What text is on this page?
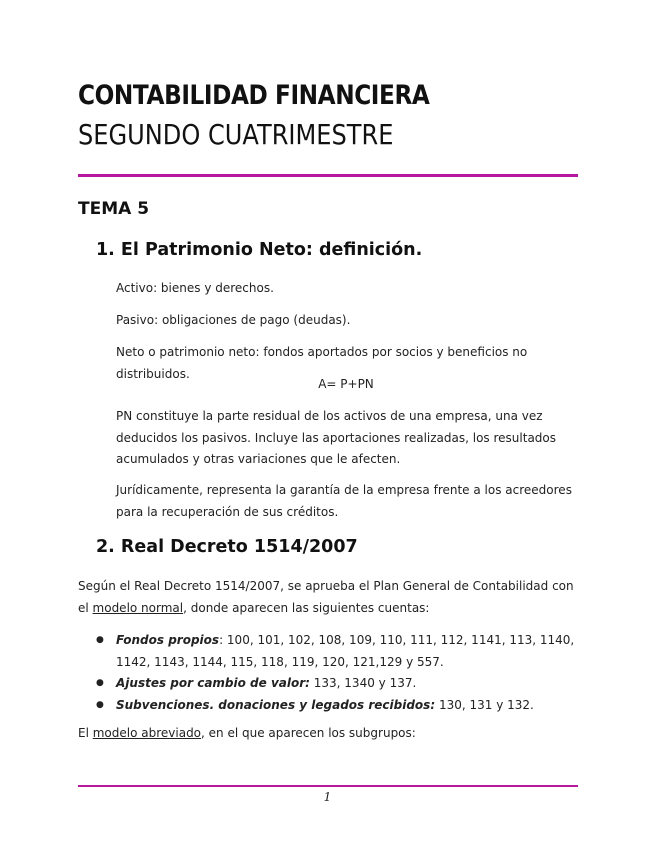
CONTABILIDAD FINANCIERA
SEGUNDO CUATRIMESTRE
TEMA 5
1. El Patrimonio Neto: definición.

Activo: bienes y derechos.

Pasivo: obligaciones de pago (deudas).

Neto o patrimonio neto: fondos aportados por socios y beneficios no distribuidos.

A= P+PN

PN constituye la parte residual de los activos de una empresa, una vez deducidos los pasivos. Incluye las aportaciones realizadas, los resultados acumulados y otras variaciones que le afecten.

Jurídicamente, representa la garantía de la empresa frente a los acreedores para la recuperación de sus créditos.

2. Real Decreto 1514/2007

Según el Real Decreto 1514/2007, se aprueba el Plan General de Contabilidad con el modelo normal, donde aparecen las siguientes cuentas:

● Fondos propios: 100, 101, 102, 108, 109, 110, 111, 112, 1141, 113, 1140, 1142, 1143, 1144, 115, 118, 119, 120, 121,129 y 557.
● Ajustes por cambio de valor: 133, 1340 y 137.
● Subvenciones. donaciones y legados recibidos: 130, 131 y 132.

El modelo abreviado, en el que aparecen los subgrupos:

1
